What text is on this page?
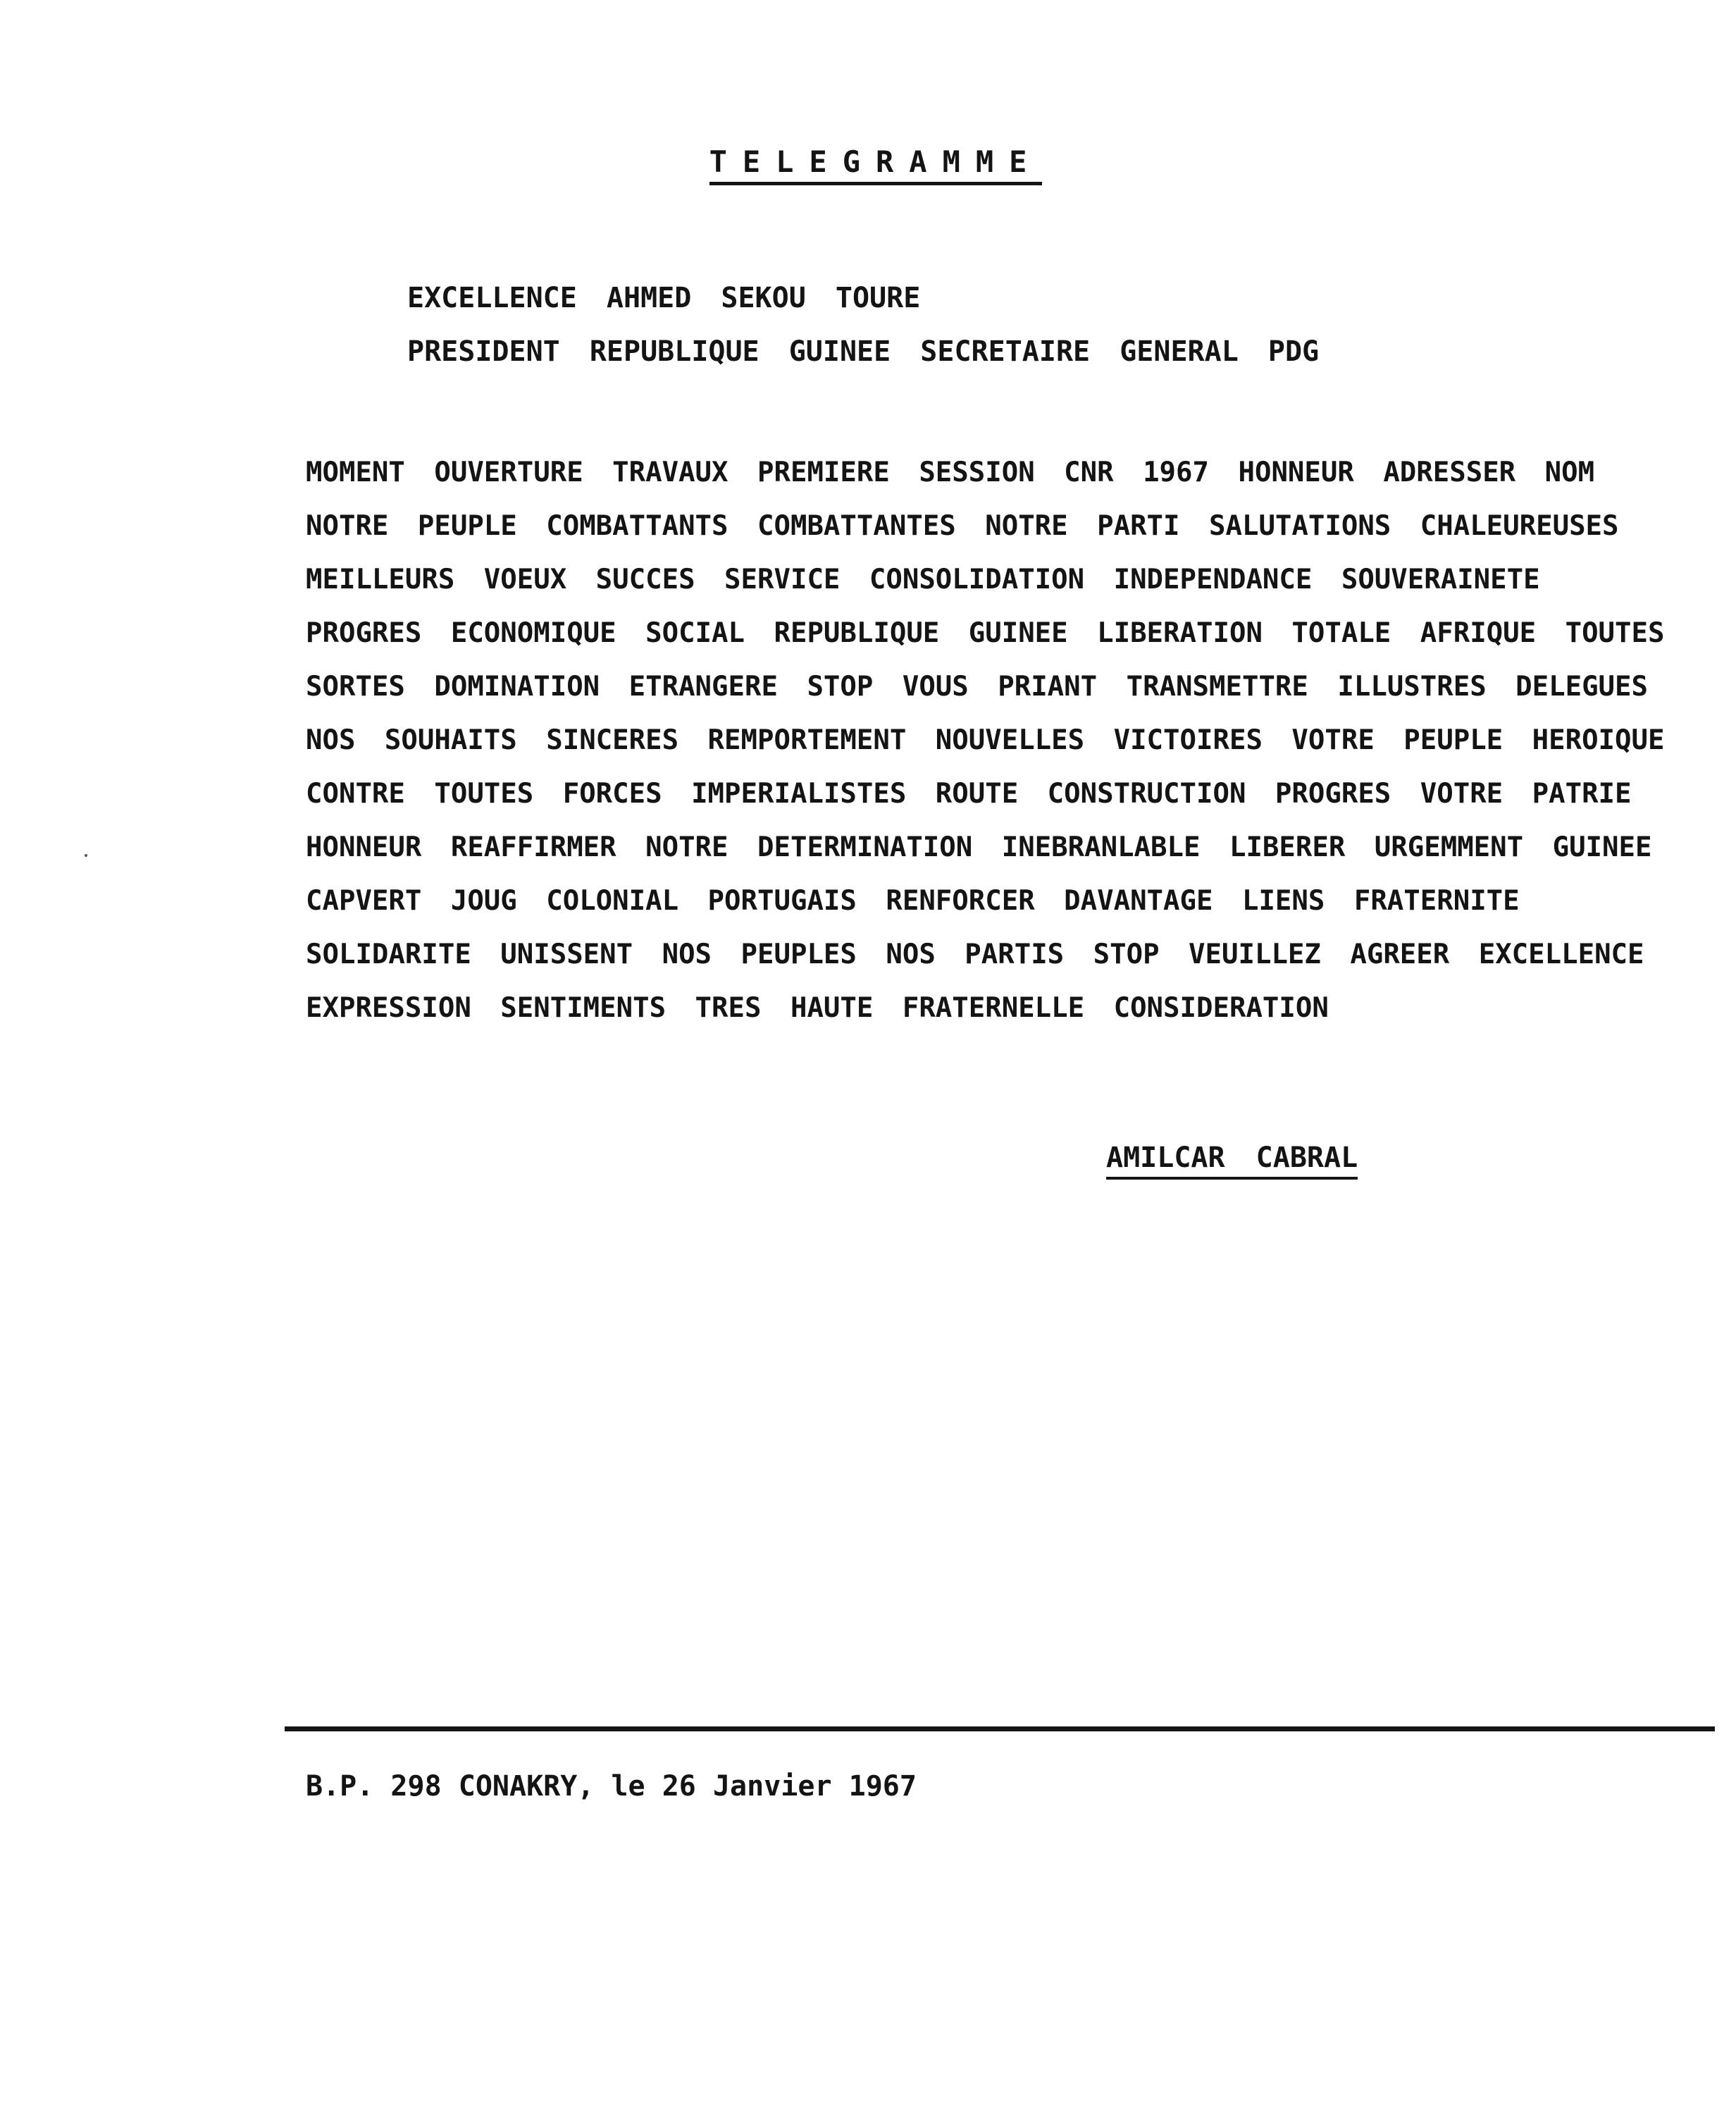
TELEGRAMME
EXCELLENCE AHMED SEKOU TOURE
PRESIDENT REPUBLIQUE GUINEE SECRETAIRE GENERAL PDG
MOMENT OUVERTURE TRAVAUX PREMIERE SESSION CNR 1967 HONNEUR ADRESSER NOM
NOTRE PEUPLE COMBATTANTS COMBATTANTES NOTRE PARTI SALUTATIONS CHALEUREUSES
MEILLEURS VOEUX SUCCES SERVICE CONSOLIDATION INDEPENDANCE SOUVERAINETE
PROGRES ECONOMIQUE SOCIAL REPUBLIQUE GUINEE LIBERATION TOTALE AFRIQUE TOUTES
SORTES DOMINATION ETRANGERE STOP VOUS PRIANT TRANSMETTRE ILLUSTRES DELEGUES
NOS SOUHAITS SINCERES REMPORTEMENT NOUVELLES VICTOIRES VOTRE PEUPLE HEROIQUE
CONTRE TOUTES FORCES IMPERIALISTES ROUTE CONSTRUCTION PROGRES VOTRE PATRIE
HONNEUR REAFFIRMER NOTRE DETERMINATION INEBRANLABLE LIBERER URGEMMENT GUINEE
CAPVERT JOUG COLONIAL PORTUGAIS RENFORCER DAVANTAGE LIENS FRATERNITE
SOLIDARITE UNISSENT NOS PEUPLES NOS PARTIS STOP VEUILLEZ AGREER EXCELLENCE
EXPRESSION SENTIMENTS TRES HAUTE FRATERNELLE CONSIDERATION
AMILCAR CABRAL
B.P. 298 CONAKRY, le 26 Janvier 1967
